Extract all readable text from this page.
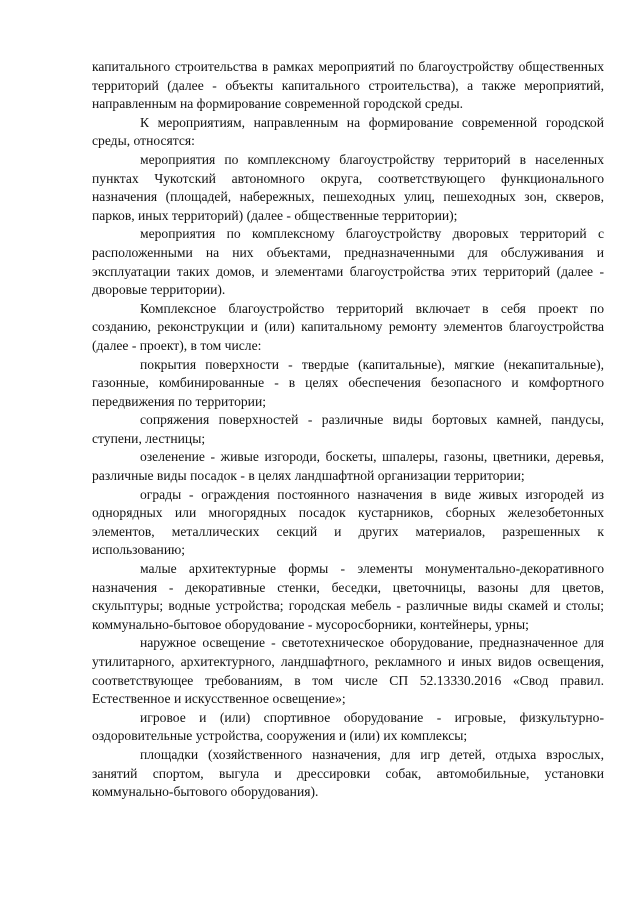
капитального строительства в рамках мероприятий по благоустройству общественных территорий (далее - объекты капитального строительства), а также мероприятий, направленным на формирование современной городской среды.

К мероприятиям, направленным на формирование современной городской среды, относятся:

мероприятия по комплексному благоустройству территорий в населенных пунктах Чукотский автономного округа, соответствующего функционального назначения (площадей, набережных, пешеходных улиц, пешеходных зон, скверов, парков, иных территорий) (далее - общественные территории);

мероприятия по комплексному благоустройству дворовых территорий с расположенными на них объектами, предназначенными для обслуживания и эксплуатации таких домов, и элементами благоустройства этих территорий (далее - дворовые территории).

Комплексное благоустройство территорий включает в себя проект по созданию, реконструкции и (или) капитальному ремонту элементов благоустройства (далее - проект), в том числе:

покрытия поверхности - твердые (капитальные), мягкие (некапитальные), газонные, комбинированные - в целях обеспечения безопасного и комфортного передвижения по территории;

сопряжения поверхностей - различные виды бортовых камней, пандусы, ступени, лестницы;

озеленение - живые изгороди, боскеты, шпалеры, газоны, цветники, деревья, различные виды посадок - в целях ландшафтной организации территории;

ограды - ограждения постоянного назначения в виде живых изгородей из однорядных или многорядных посадок кустарников, сборных железобетонных элементов, металлических секций и других материалов, разрешенных к использованию;

малые архитектурные формы - элементы монументально-декоративного назначения - декоративные стенки, беседки, цветочницы, вазоны для цветов, скульптуры; водные устройства; городская мебель - различные виды скамей и столы; коммунально-бытовое оборудование - мусоросборники, контейнеры, урны;

наружное освещение - светотехническое оборудование, предназначенное для утилитарного, архитектурного, ландшафтного, рекламного и иных видов освещения, соответствующее требованиям, в том числе СП 52.13330.2016 «Свод правил. Естественное и искусственное освещение»;

игровое и (или) спортивное оборудование - игровые, физкультурно-оздоровительные устройства, сооружения и (или) их комплексы;

площадки (хозяйственного назначения, для игр детей, отдыха взрослых, занятий спортом, выгула и дрессировки собак, автомобильные, установки коммунально-бытового оборудования).
